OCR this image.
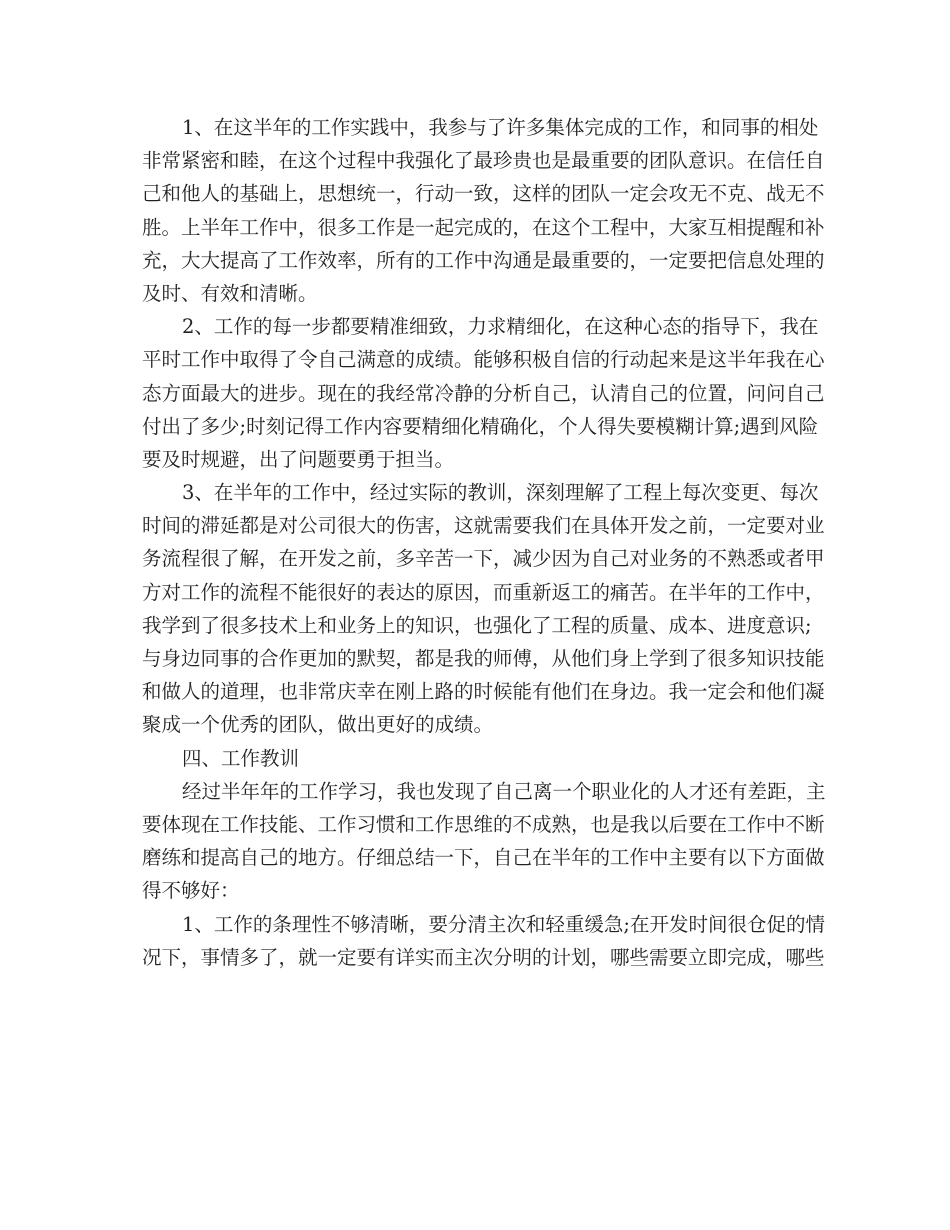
1、在这半年的工作实践中，我参与了许多集体完成的工作，和同事的相处
非常紧密和睦，在这个过程中我强化了最珍贵也是最重要的团队意识。在信任自
己和他人的基础上，思想统一，行动一致，这样的团队一定会攻无不克、战无不
胜。上半年工作中，很多工作是一起完成的，在这个工程中，大家互相提醒和补
充，大大提高了工作效率，所有的工作中沟通是最重要的，一定要把信息处理的
及时、有效和清晰。
2、工作的每一步都要精准细致，力求精细化，在这种心态的指导下，我在
平时工作中取得了令自己满意的成绩。能够积极自信的行动起来是这半年我在心
态方面最大的进步。现在的我经常冷静的分析自己，认清自己的位置，问问自己
付出了多少;时刻记得工作内容要精细化精确化，个人得失要模糊计算;遇到风险
要及时规避，出了问题要勇于担当。
3、在半年的工作中，经过实际的教训，深刻理解了工程上每次变更、每次
时间的滞延都是对公司很大的伤害，这就需要我们在具体开发之前，一定要对业
务流程很了解，在开发之前，多辛苦一下，减少因为自己对业务的不熟悉或者甲
方对工作的流程不能很好的表达的原因，而重新返工的痛苦。在半年的工作中，
我学到了很多技术上和业务上的知识，也强化了工程的质量、成本、进度意识;
与身边同事的合作更加的默契，都是我的师傅，从他们身上学到了很多知识技能
和做人的道理，也非常庆幸在刚上路的时候能有他们在身边。我一定会和他们凝
聚成一个优秀的团队，做出更好的成绩。
四、工作教训
经过半年年的工作学习，我也发现了自己离一个职业化的人才还有差距，主
要体现在工作技能、工作习惯和工作思维的不成熟，也是我以后要在工作中不断
磨练和提高自己的地方。仔细总结一下，自己在半年的工作中主要有以下方面做
得不够好：
1、工作的条理性不够清晰，要分清主次和轻重缓急;在开发时间很仓促的情
况下，事情多了，就一定要有详实而主次分明的计划，哪些需要立即完成，哪些
